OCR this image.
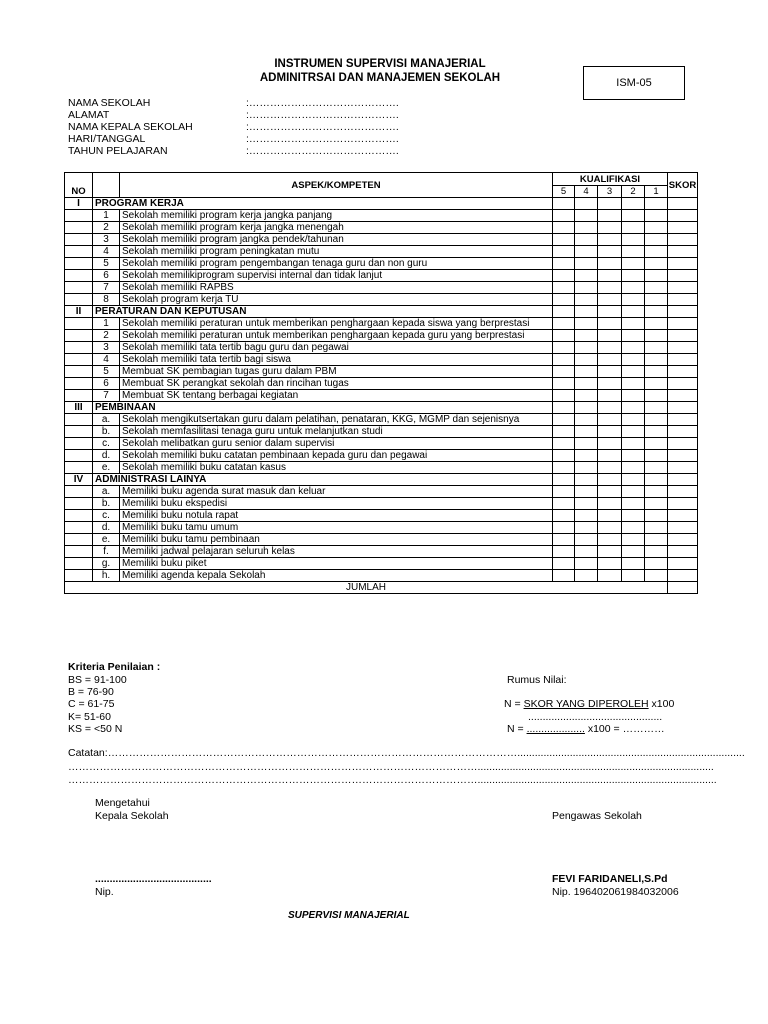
INSTRUMEN SUPERVISI MANAJERIAL
ADMINITRSAI DAN MANAJEMEN SEKOLAH	ISM-05
NAMA SEKOLAH	:…………………………………….
ALAMAT	:…………………………………….
NAMA KEPALA SEKOLAH	:…………………………………….
HARI/TANGGAL	:…………………………………….
TAHUN PELAJARAN	:…………………………………….
NO		ASPEK/KOMPETEN	KUALIFIKASI					SKOR
			5	4	3	2	1	
I	PROGRAM KERJA							
	1	Sekolah memiliki program kerja jangka panjang						
	2	Sekolah memiliki program kerja jangka menengah						
	3	Sekolah memiliki program jangka pendek/tahunan						
	4	Sekolah memiliki program peningkatan mutu						
	5	Sekolah memiliki program pengembangan tenaga guru dan non guru						
	6	Sekolah memilikiprogram supervisi internal dan tidak lanjut						
	7	Sekolah memiliki RAPBS						
	8	Sekolah program kerja TU						
II	PERATURAN DAN KEPUTUSAN							
	1	Sekolah memiliki peraturan untuk memberikan penghargaan kepada siswa yang berprestasi						
	2	Sekolah memiliki peraturan untuk memberikan penghargaan kepada guru yang berprestasi						
	3	Sekolah memiliki tata tertib bagu guru dan pegawai						
	4	Sekolah memiliki tata tertib bagi siswa						
	5	Membuat SK pembagian tugas guru dalam PBM						
	6	Membuat SK perangkat sekolah dan rincihan tugas						
	7	Membuat SK tentang berbagai kegiatan						
III	PEMBINAAN							
	a.	Sekolah mengikutsertakan guru dalam pelatihan, penataran, KKG, MGMP dan sejenisnya						
	b.	Sekolah memfasilitasi tenaga guru untuk melanjutkan studi						
	c.	Sekolah melibatkan guru senior dalam supervisi						
	d.	Sekolah memiliki buku catatan pembinaan kepada guru dan pegawai						
	e.	Sekolah memiliki buku catatan kasus						
IV	ADMINISTRASI LAINYA							
	a.	Memiliki buku agenda surat masuk dan keluar						
	b.	Memiliki buku ekspedisi						
	c.	Memiliki buku notula rapat						
	d.	Memiliki buku tamu umum						
	e.	Memiliki buku tamu pembinaan						
	f.	Memiliki jadwal pelajaran seluruh kelas						
	g.	Memiliki buku piket						
	h.	Memiliki agenda kepala Sekolah						
JUMLAH								
Kriteria Penilaian :
BS = 91-100
B = 76-90
C = 61-75
K= 51-60
KS = <50 N
Rumus Nilai:
N = SKOR YANG DIPEROLEH x100
..............................................
N = .................... x100 = …………
Catatan:………………………………………………………………………………………………………..............................................................................
……………………………………………………………………………………………………….................................................................................
………………………………………………………………………………………………………..................................................................................
Mengetahui
Kepala Sekolah	Pengawas Sekolah
........................................	FEVI FARIDANELI,S.Pd
Nip.	Nip. 196402061984032006
SUPERVISI MANAJERIAL
